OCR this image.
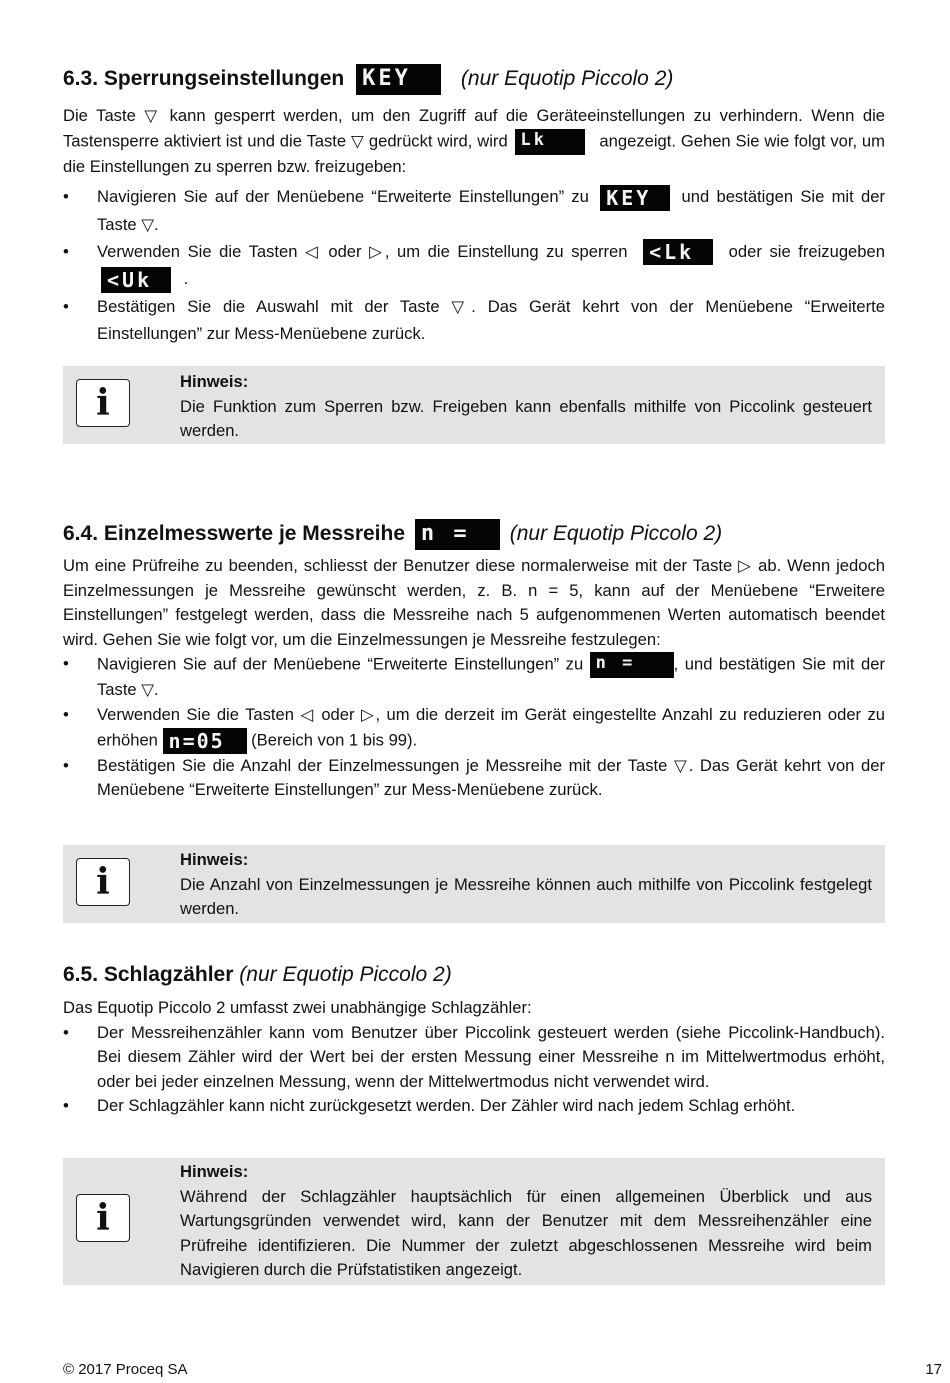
6.3. Sperrungseinstellungen KEY (nur Equotip Piccolo 2)

Die Taste ▽ kann gesperrt werden, um den Zugriff auf die Geräteeinstellungen zu verhindern. Wenn die Tastensperre aktiviert ist und die Taste ▽ gedrückt wird, wird Lk	angezeigt. Gehen Sie wie folgt vor, um die Einstellungen zu sperren bzw. freizugeben:

• Navigieren Sie auf der Menüebene “Erweiterte Einstellungen” zu KEY und bestätigen Sie mit der Taste ▽.
• Verwenden Sie die Tasten ◁ oder ▷, um die Einstellung zu sperren <Lk oder sie freizugeben <Uk .
• Bestätigen Sie die Auswahl mit der Taste ▽. Das Gerät kehrt von der Menüebene “Erweiterte Einstellungen” zur Mess-Menüebene zurück.
i
Hinweis:

Die Funktion zum Sperren bzw. Freigeben kann ebenfalls mithilfe von Piccolink gesteuert werden.

6.4. Einzelmesswerte je Messreihe n = (nur Equotip Piccolo 2)

Um eine Prüfreihe zu beenden, schliesst der Benutzer diese normalerweise mit der Taste ▷ ab. Wenn jedoch Einzelmessungen je Messreihe gewünscht werden, z. B. n = 5, kann auf der Menüebene “Erweitere Einstellungen” festgelegt werden, dass die Messreihe nach 5 aufgenommenen Werten automatisch beendet wird. Gehen Sie wie folgt vor, um die Einzelmessungen je Messreihe festzulegen:

• Navigieren Sie auf der Menüebene “Erweiterte Einstellungen” zu n = , und bestätigen Sie mit der Taste ▽.
• Verwenden Sie die Tasten ◁ oder ▷, um die derzeit im Gerät eingestellte Anzahl zu reduzieren oder zu erhöhen n=05 (Bereich von 1 bis 99).
• Bestätigen Sie die Anzahl der Einzelmessungen je Messreihe mit der Taste ▽. Das Gerät kehrt von der Menüebene “Erweiterte Einstellungen” zur Mess-Menüebene zurück.
i
Hinweis:

Die Anzahl von Einzelmessungen je Messreihe können auch mithilfe von Piccolink festgelegt werden.

6.5. Schlagzähler (nur Equotip Piccolo 2)

Das Equotip Piccolo 2 umfasst zwei unabhängige Schlagzähler:

• Der Messreihenzähler kann vom Benutzer über Piccolink gesteuert werden (siehe Piccolink-Handbuch). Bei diesem Zähler wird der Wert bei der ersten Messung einer Messreihe n im Mittelwertmodus erhöht, oder bei jeder einzelnen Messung, wenn der Mittelwertmodus nicht verwendet wird.
• Der Schlagzähler kann nicht zurückgesetzt werden. Der Zähler wird nach jedem Schlag erhöht.
i
Hinweis:

Während der Schlagzähler hauptsächlich für einen allgemeinen Überblick und aus Wartungsgründen verwendet wird, kann der Benutzer mit dem Messreihenzähler eine Prüfreihe identifizieren. Die Nummer der zuletzt abgeschlossenen Messreihe wird beim Navigieren durch die Prüfstatistiken angezeigt.

© 2017 Proceq SA	17
